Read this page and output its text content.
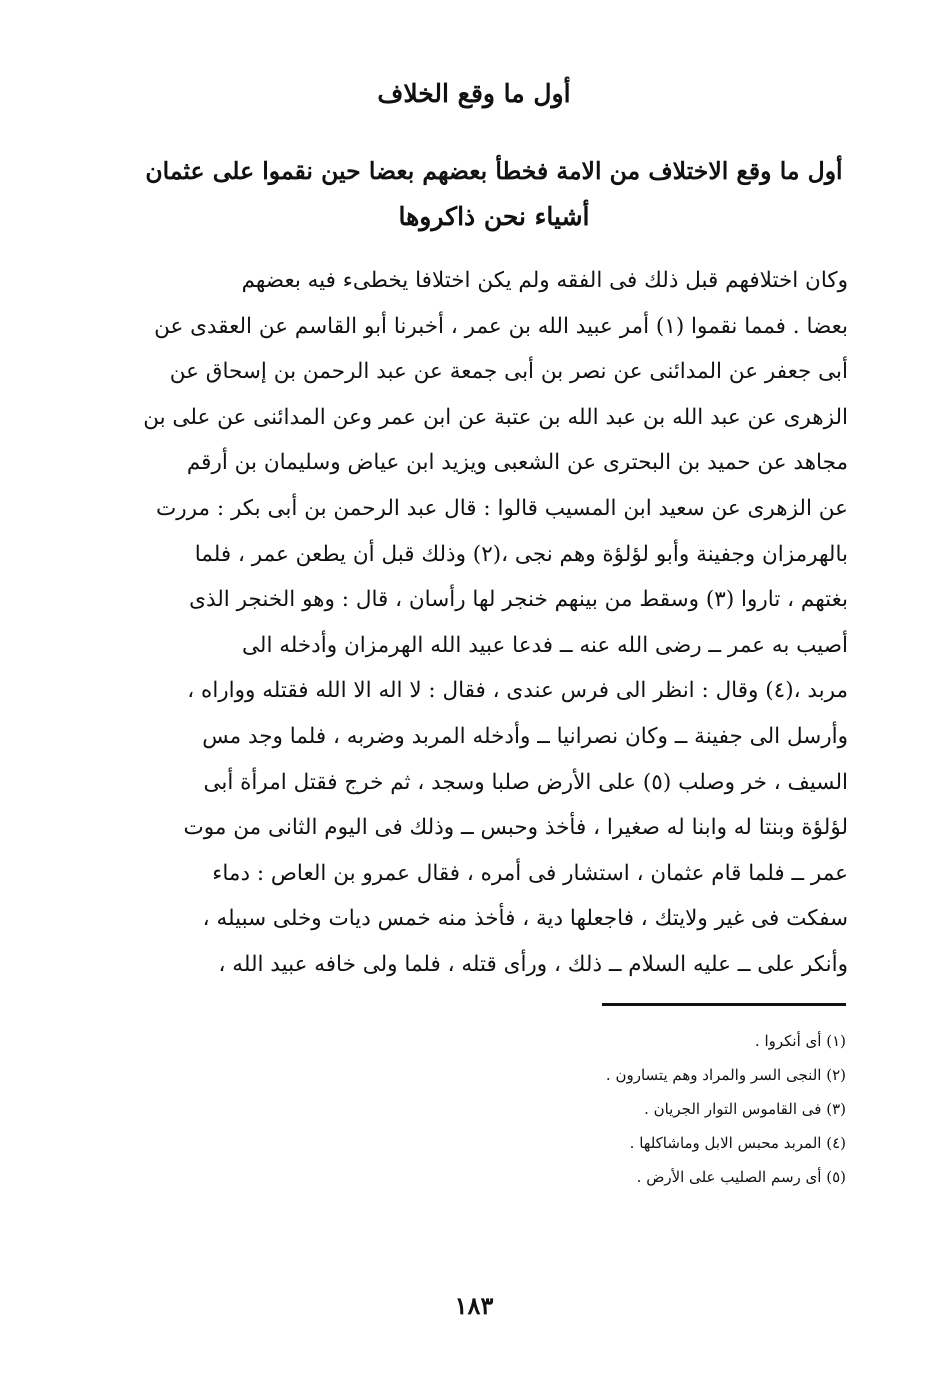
أول ما وقع الخلاف
أول ما وقع الاختلاف من الامة فخطأ بعضهم بعضا حين نقموا على عثمان
أشياء نحن ذاكروها
وكان اختلافهم قبل ذلك فى الفقه ولم يكن اختلافا يخطىء فيه بعضهم
بعضا . فمما نقموا (١) أمر عبيد الله بن عمر ، أخبرنا أبو القاسم عن العقدى عن
أبى جعفر عن المدائنى عن نصر بن أبى جمعة عن عبد الرحمن بن إسحاق عن
الزهرى عن عبد الله بن عبد الله بن عتبة عن ابن عمر وعن المدائنى عن على بن
مجاهد عن حميد بن البحترى عن الشعبى ويزيد ابن عياض وسليمان بن أرقم
عن الزهرى عن سعيد ابن المسيب قالوا : قال عبد الرحمن بن أبى بكر : مررت
بالهرمزان وجفينة وأبو لؤلؤة وهم نجى ،(٢) وذلك قبل أن يطعن عمر ، فلما
بغتهم ، تاروا (٣) وسقط من بينهم خنجر لها رأسان ، قال : وهو الخنجر الذى
أصيب به عمر ــ رضى الله عنه ــ فدعا عبيد الله الهرمزان وأدخله الى
مربد ،(٤) وقال : انظر الى فرس عندى ، فقال : لا اله الا الله فقتله وواراه ،
وأرسل الى جفينة ــ وكان نصرانيا ــ وأدخله المربد وضربه ، فلما وجد مس
السيف ، خر وصلب (٥) على الأرض صلبا وسجد ، ثم خرج فقتل امرأة أبى
لؤلؤة وبنتا له وابنا له صغيرا ، فأخذ وحبس ــ وذلك فى اليوم الثانى من موت
عمر ــ فلما قام عثمان ، استشار فى أمره ، فقال عمرو بن العاص : دماء
سفكت فى غير ولايتك ، فاجعلها دية ، فأخذ منه خمس ديات وخلى سبيله ،
وأنكر على ــ عليه السلام ــ ذلك ، ورأى قتله ، فلما ولى خافه عبيد الله ،
(١) أى أنكروا .
(٢) النجى السر والمراد وهم يتسارون .
(٣) فى القاموس التوار الجريان .
(٤) المربد محبس الابل وماشاكلها .
(٥) أى رسم الصليب على الأرض .
١٨٣
